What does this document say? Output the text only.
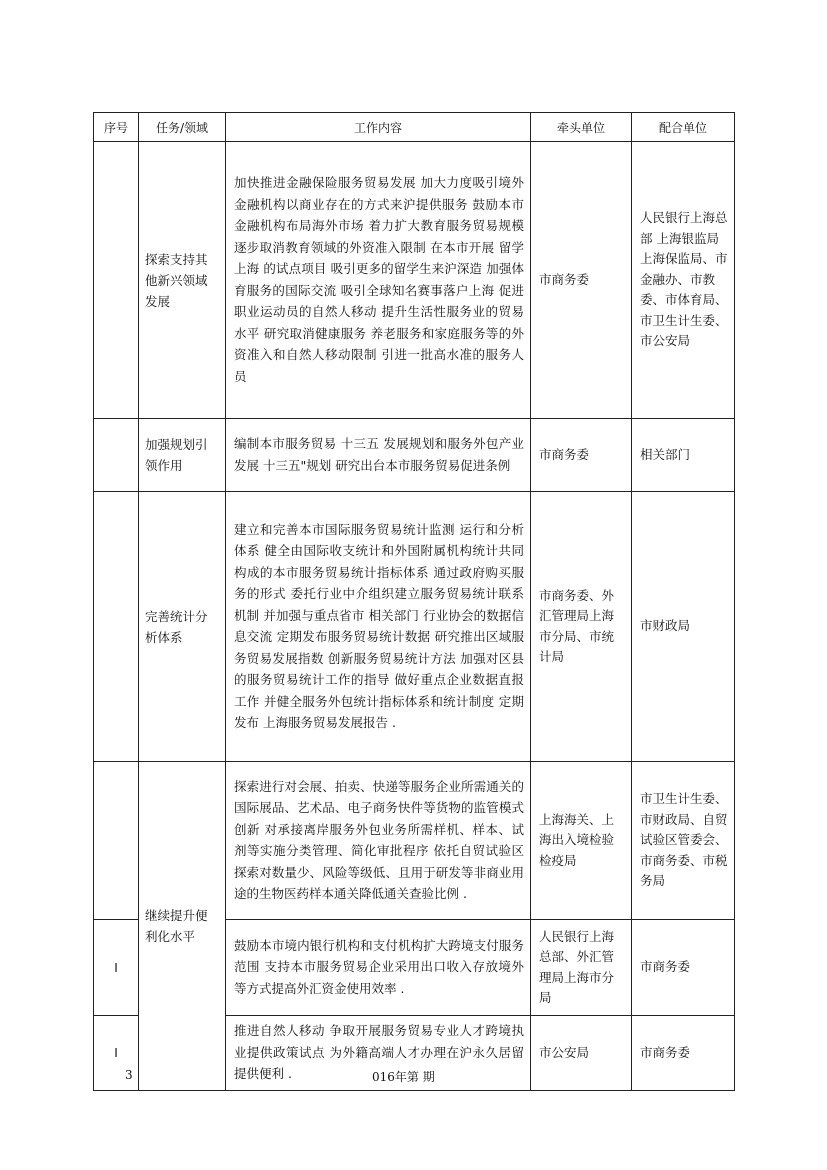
序号	任务/领域	工作内容	牵头单位	配合单位
	探索支持其他新兴领域发展	加快推进金融保险服务贸易发展 加大力度吸引境外金融机构以商业存在的方式来沪提供服务 鼓励本市金融机构布局海外市场 着力扩大教育服务贸易规模 逐步取消教育领域的外资准入限制 在本市开展 留学上海 的试点项目 吸引更多的留学生来沪深造 加强体育服务的国际交流 吸引全球知名赛事落户上海 促进职业运动员的自然人移动 提升生活性服务业的贸易水平 研究取消健康服务 养老服务和家庭服务等的外资准入和自然人移动限制 引进一批高水准的服务人员	市商务委	人民银行上海总部 上海银监局 上海保监局、市金融办、市教委、市体育局、市卫生计生委、市公安局
	加强规划引领作用	编制本市服务贸易 十三五 发展规划和服务外包产业发展 十三五"规划 研究出台本市服务贸易促进条例	市商务委	相关部门
	完善统计分析体系	建立和完善本市国际服务贸易统计监测 运行和分析体系 健全由国际收支统计和外国附属机构统计共同构成的本市服务贸易统计指标体系 通过政府购买服务的形式 委托行业中介组织建立服务贸易统计联系机制 并加强与重点省市 相关部门 行业协会的数据信息交流 定期发布服务贸易统计数据 研究推出区域服务贸易发展指数 创新服务贸易统计方法 加强对区县的服务贸易统计工作的指导 做好重点企业数据直报工作 并健全服务外包统计指标体系和统计制度 定期发布 上海服务贸易发展报告 .	市商务委、外汇管理局上海市分局、市统计局	市财政局
	继续提升便利化水平	探索进行对会展、拍卖、快递等服务企业所需通关的国际展品、艺术品、电子商务快件等货物的监管模式创新 对承接离岸服务外包业务所需样机、样本、试剂等实施分类管理、简化审批程序 依托自贸试验区探索对数量少、风险等级低、且用于研发等非商业用途的生物医药样本通关降低通关查验比例 .	上海海关、上海出入境检验检疫局	市卫生计生委、市财政局、自贸试验区管委会、市商务委、市税务局
I		鼓励本市境内银行机构和支付机构扩大跨境支付服务范围 支持本市服务贸易企业采用出口收入存放境外等方式提高外汇资金使用效率 .	人民银行上海总部、外汇管理局上海市分局	市商务委
I		推进自然人移动 争取开展服务贸易专业人才跨境执业提供政策试点 为外籍高端人才办理在沪永久居留提供便利 .	市公安局	市商务委
3	016年第 期
